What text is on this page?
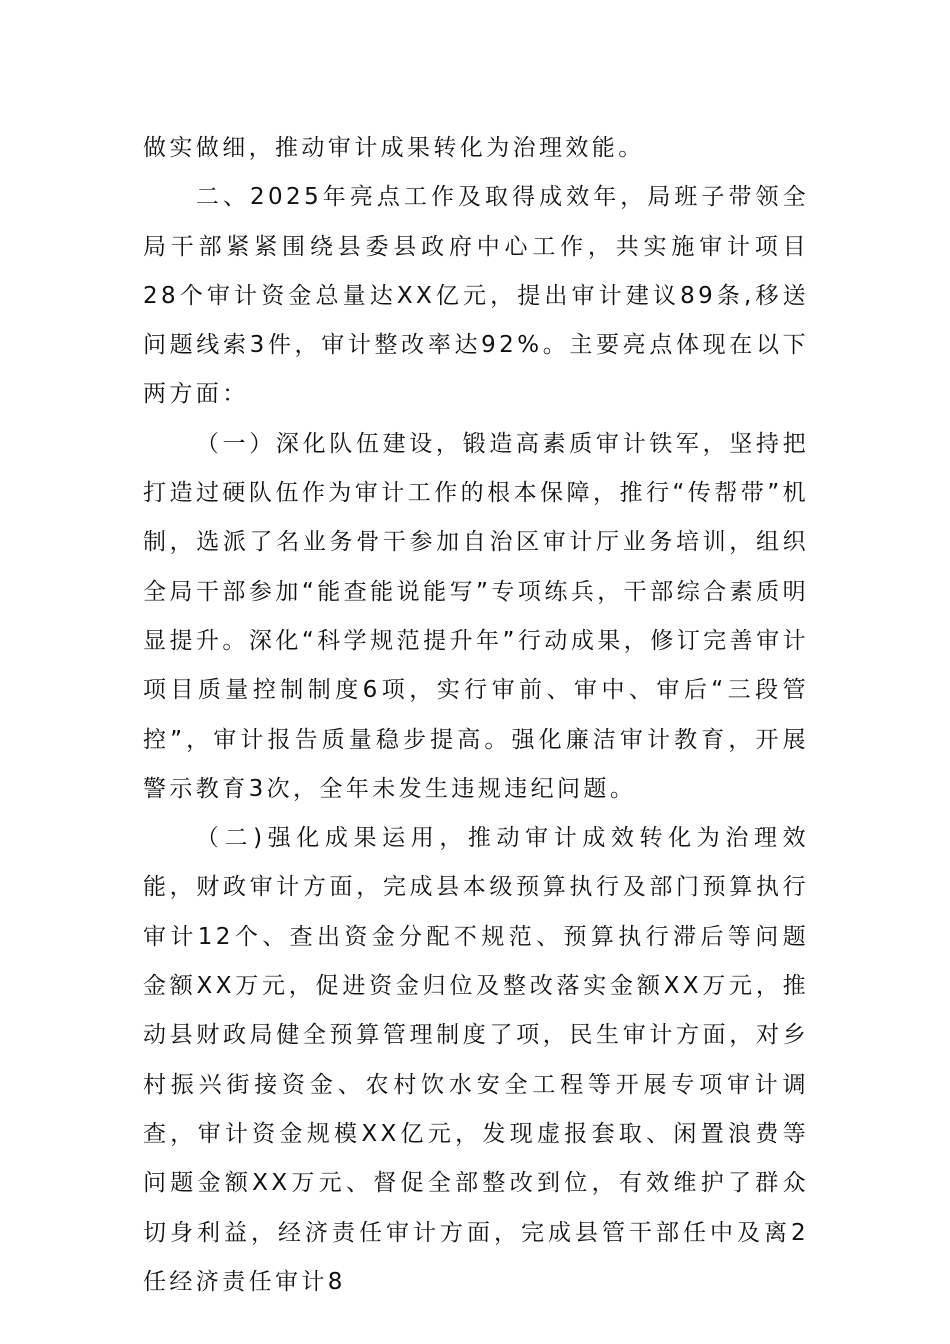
做实做细，推动审计成果转化为治理效能。
二、2025年亮点工作及取得成效年，局班子带领全局干部紧紧围绕县委县政府中心工作，共实施审计项目28个审计资金总量达XX亿元，提出审计建议89条,移送问题线索3件，审计整改率达92%。主要亮点体现在以下两方面：
（一）深化队伍建设，锻造高素质审计铁军，坚持把打造过硬队伍作为审计工作的根本保障，推行“传帮带”机制，选派了名业务骨干参加自治区审计厅业务培训，组织全局干部参加“能查能说能写”专项练兵，干部综合素质明显提升。深化“科学规范提升年”行动成果，修订完善审计项目质量控制制度6项，实行审前、审中、审后“三段管控”，审计报告质量稳步提高。强化廉洁审计教育，开展警示教育3次，全年未发生违规违纪问题。
（二)强化成果运用，推动审计成效转化为治理效能，财政审计方面，完成县本级预算执行及部门预算执行审计12个、查出资金分配不规范、预算执行滞后等问题金额XX万元，促进资金归位及整改落实金额XX万元，推动县财政局健全预算管理制度了项，民生审计方面，对乡村振兴街接资金、农村饮水安全工程等开展专项审计调查，审计资金规模XX亿元，发现虚报套取、闲置浪费等问题金额XX万元、督促全部整改到位，有效维护了群众切身利益，经济责任审计方面，完成县管干部任中及离2任经济责任审计8
